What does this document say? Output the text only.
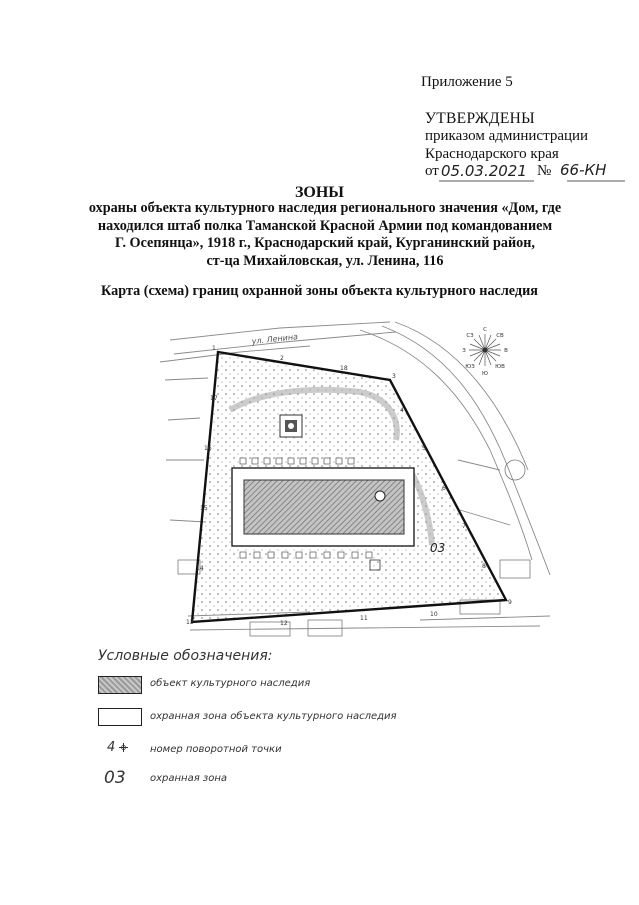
Приложение 5
УТВЕРЖДЕНЫ
приказом администрации
Краснодарского края
от 05.03.2021 № 66-КН
ЗОНЫ
охраны объекта культурного наследия регионального значения «Дом, где
находился штаб полка Таманской Красной Армии под командованием
Г. Осепянца», 1918 г., Краснодарский край, Курганинский район,
ст-ца Михайловская, ул. Ленина, 116
Карта (схема) границ охранной зоны объекта культурного наследия
ул. Ленина
03
1
2
3
4
5
6
7
8
9
10
11
12
13
14
15
16
17
18
С
Ю
З	В
СЗ	СВ
ЮЗ	ЮВ
Условные обозначения:
объект культурного наследия
охранная зона объекта культурного наследия
4	номер поворотной точки
03 охранная зона
